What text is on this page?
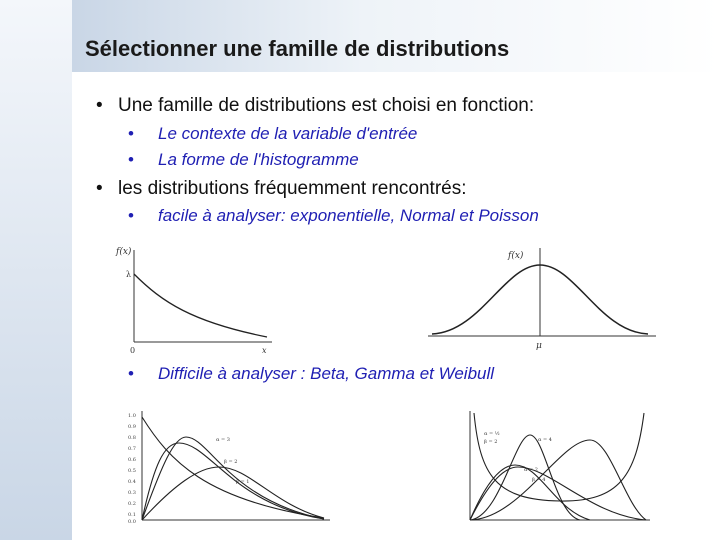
Sélectionner une famille de distributions
• Une famille de distributions est choisi en fonction:
• Le contexte de la variable d'entrée
• La forme de l'histogramme
• les distributions fréquemment rencontrés:
• facile à analyser: exponentielle, Normal et Poisson
• Difficile à analyser : Beta, Gamma et Weibull
f(x)
λ
0	x
f(x)
μ
1.0
0.9
0.8
0.7
0.6
0.5
0.4
0.3
0.2
0.1
0.0
α = 3
β = 2
β = 1
α = ½
β = 2	α = 4
α = 2
β = 4
